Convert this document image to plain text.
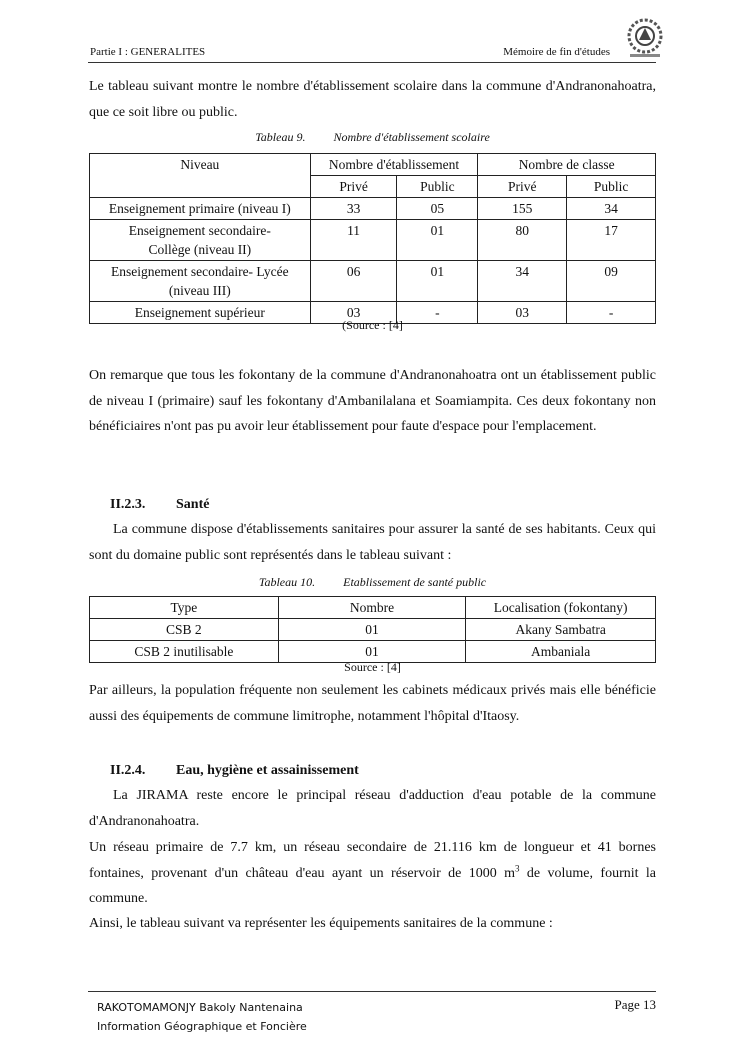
Partie I : GENERALITES	Mémoire de fin d'études
Le tableau suivant montre le nombre d'établissement scolaire dans la commune d'Andranonahoatra, que ce soit libre ou public.
Tableau 9. Nombre d'établissement scolaire
Niveau	Nombre d'établissement		Nombre de classe	
	Privé	Public	Privé	Public
Enseignement primaire (niveau I)	33	05	155	34
Enseignement secondaire-Collège (niveau II)	11	01	80	17
Enseignement secondaire- Lycée (niveau III)	06	01	34	09
Enseignement supérieur	03	-	03	-
(Source : [4]
On remarque que tous les fokontany de la commune d'Andranonahoatra ont un établissement public de niveau I (primaire) sauf les fokontany d'Ambanilalana et Soamiampita. Ces deux fokontany non bénéficiaires n'ont pas pu avoir leur établissement pour faute d'espace pour l'emplacement.
II.2.3. Santé
La commune dispose d'établissements sanitaires pour assurer la santé de ses habitants. Ceux qui sont du domaine public sont représentés dans le tableau suivant :
Tableau 10. Etablissement de santé public
Type	Nombre	Localisation (fokontany)
CSB 2	01	Akany Sambatra
CSB 2 inutilisable	01	Ambaniala
Source : [4]
Par ailleurs, la population fréquente non seulement les cabinets médicaux privés mais elle bénéficie aussi des équipements de commune limitrophe, notamment l'hôpital d'Itaosy.
II.2.4. Eau, hygiène et assainissement
La JIRAMA reste encore le principal réseau d'adduction d'eau potable de la commune d'Andranonahoatra.
Un réseau primaire de 7.7 km, un réseau secondaire de 21.116 km de longueur et 41 bornes fontaines, provenant d'un château d'eau ayant un réservoir de 1000 $m^3$ de volume, fournit la commune.
Ainsi, le tableau suivant va représenter les équipements sanitaires de la commune :
RAKOTOMAMONJY Bakoly Nantenaina
Information Géographique et Foncière
Page 13
